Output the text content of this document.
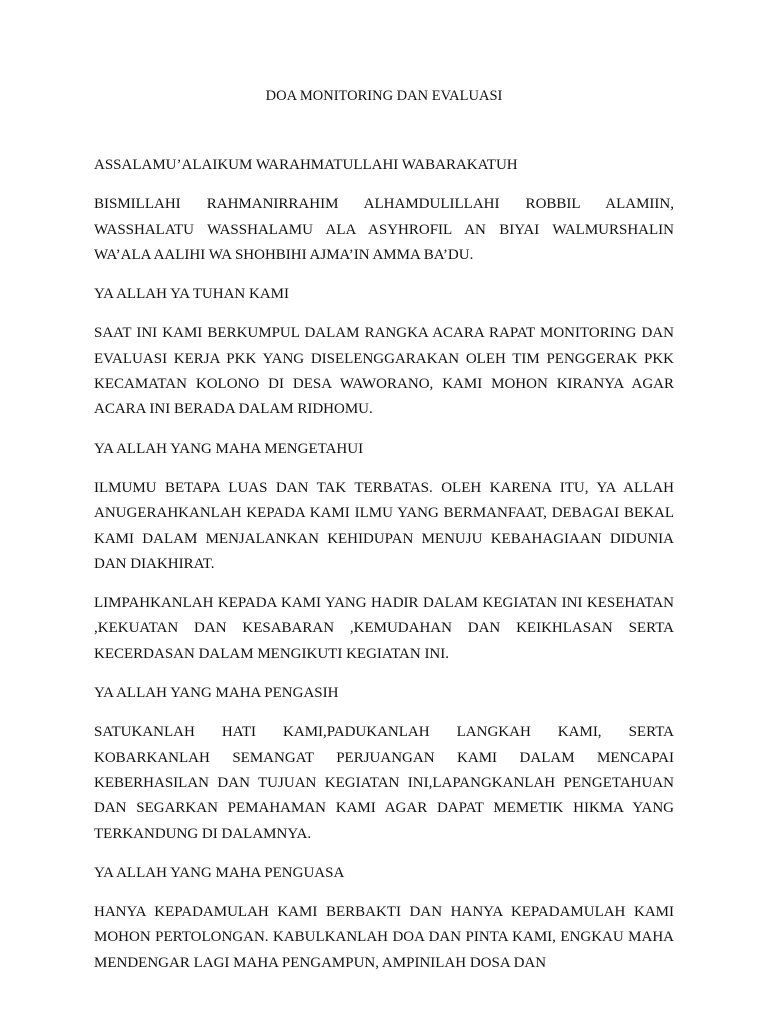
DOA MONITORING DAN EVALUASI

ASSALAMU’ALAIKUM WARAHMATULLAHI WABARAKATUH

BISMILLAHI RAHMANIRRAHIM ALHAMDULILLAHI ROBBIL ALAMIIN, WASSHALATU WASSHALAMU ALA ASYHROFIL AN BIYAI WALMURSHALIN WA’ALA AALIHI WA SHOHBIHI AJMA’IN AMMA BA’DU.

YA ALLAH YA TUHAN KAMI

SAAT INI KAMI BERKUMPUL DALAM RANGKA ACARA RAPAT MONITORING DAN EVALUASI KERJA PKK YANG DISELENGGARAKAN OLEH TIM PENGGERAK PKK KECAMATAN KOLONO DI DESA WAWORANO, KAMI MOHON KIRANYA AGAR ACARA INI BERADA DALAM RIDHOMU.

YA ALLAH YANG MAHA MENGETAHUI

ILMUMU BETAPA LUAS DAN TAK TERBATAS. OLEH KARENA ITU, YA ALLAH ANUGERAHKANLAH KEPADA KAMI ILMU YANG BERMANFAAT, DEBAGAI BEKAL KAMI DALAM MENJALANKAN KEHIDUPAN MENUJU KEBAHAGIAAN DIDUNIA DAN DIAKHIRAT.

LIMPAHKANLAH KEPADA KAMI YANG HADIR DALAM KEGIATAN INI KESEHATAN ,KEKUATAN DAN KESABARAN ,KEMUDAHAN DAN KEIKHLASAN SERTA KECERDASAN DALAM MENGIKUTI KEGIATAN INI.

YA ALLAH YANG MAHA PENGASIH

SATUKANLAH HATI KAMI,PADUKANLAH LANGKAH KAMI, SERTA KOBARKANLAH SEMANGAT PERJUANGAN KAMI DALAM MENCAPAI KEBERHASILAN DAN TUJUAN KEGIATAN INI,LAPANGKANLAH PENGETAHUAN DAN SEGARKAN PEMAHAMAN KAMI AGAR DAPAT MEMETIK HIKMA YANG TERKANDUNG DI DALAMNYA.

YA ALLAH YANG MAHA PENGUASA

HANYA KEPADAMULAH KAMI BERBAKTI DAN HANYA KEPADAMULAH KAMI MOHON PERTOLONGAN. KABULKANLAH DOA DAN PINTA KAMI, ENGKAU MAHA MENDENGAR LAGI MAHA PENGAMPUN, AMPINILAH DOSA DAN
